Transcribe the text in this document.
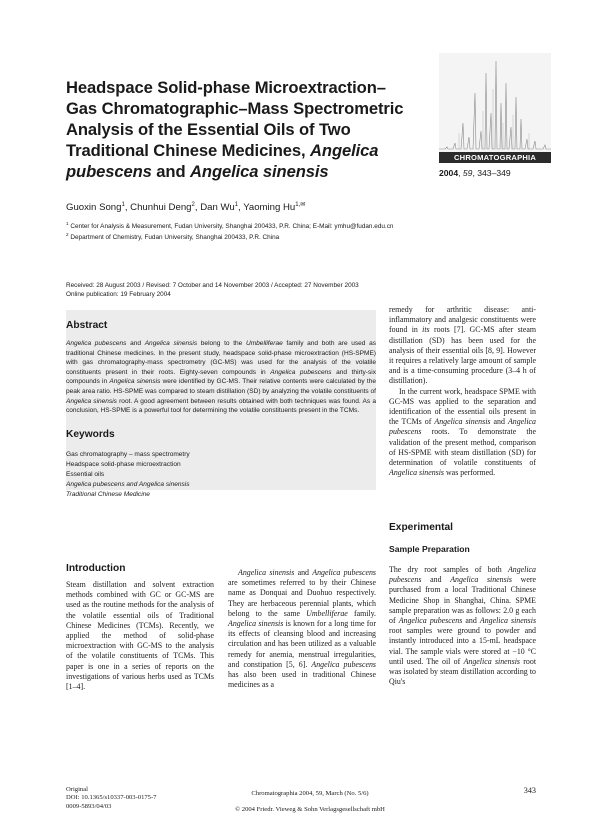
Headspace Solid-phase Microextraction–Gas Chromatographic–Mass Spectrometric Analysis of the Essential Oils of Two Traditional Chinese Medicines, Angelica pubescens and Angelica sinensis
CHROMATOGRAPHIA
2004, 59, 343–349
Guoxin Song$^1$, Chunhui Deng$^2$, Dan Wu$^1$, Yaoming $Hu^{1,✉}$
$^1$ Center for Analysis & Measurement, Fudan University, Shanghai 200433, P.R. China; E-Mail: ymhu@fudan.edu.cn
$^2$ Department of Chemistry, Fudan University, Shanghai 200433, P.R. China
Received: 28 August 2003 / Revised: 7 October and 14 November 2003 / Accepted: 27 November 2003
Online publication: 19 February 2004
Abstract
Angelica pubescens and Angelica sinensis belong to the Umbelliferae family and both are used as traditional Chinese medicines. In the present study, headspace solid-phase microextraction (HS-SPME) with gas chromatography-mass spectrometry (GC-MS) was used for the analysis of the volatile constituents present in their roots. Eighty-seven compounds in Angelica pubescens and thirty-six compounds in Angelica sinensis were identified by GC-MS. Their relative contents were calculated by the peak area ratio. HS-SPME was compared to steam distillation (SD) by analyzing the volatile constituents of Angelica sinensis root. A good agreement between results obtained with both techniques was found. As a conclusion, HS-SPME is a powerful tool for determining the volatile constituents present in the TCMs.
Keywords
Gas chromatography – mass spectrometry
Headspace solid-phase microextraction
Essential oils
Angelica pubescens and Angelica sinensis
Traditional Chinese Medicine
Introduction

Steam distillation and solvent extraction methods combined with GC or GC-MS are used as the routine methods for the analysis of the volatile essential oils of Traditional Chinese Medicines (TCMs). Recently, we applied the method of solid-phase microextraction with GC-MS to the analysis of the volatile constituents of TCMs. This paper is one in a series of reports on the investigations of various herbs used as TCMs [1–4].

Angelica sinensis and Angelica pubescens are sometimes referred to by their Chinese name as Donquai and Duohuo respectively. They are herbaceous perennial plants, which belong to the same Umbelliferae family. Angelica sinensis is known for a long time for its effects of cleansing blood and increasing circulation and has been utilized as a valuable remedy for anemia, menstrual irregularities, and constipation [5, 6]. Angelica pubescens has also been used in traditional Chinese medicines as a

remedy for arthritic disease: anti-inflammatory and analgesic constituents were found in its roots [7]. GC-MS after steam distillation (SD) has been used for the analysis of their essential oils [8, 9]. However it requires a relatively large amount of sample and is a time-consuming procedure (3–4 h of distillation).

In the current work, headspace SPME with GC-MS was applied to the separation and identification of the essential oils present in the TCMs of Angelica sinensis and Angelica pubescens roots. To demonstrate the validation of the present method, comparison of HS-SPME with steam distillation (SD) for determination of volatile constituents of Angelica sinensis was performed.

Experimental
Sample Preparation

The dry root samples of both Angelica pubescens and Angelica sinensis were purchased from a local Traditional Chinese Medicine Shop in Shanghai, China. SPME sample preparation was as follows: 2.0 g each of Angelica pubescens and Angelica sinensis root samples were ground to powder and instantly introduced into a 15-mL headspace vial. The sample vials were stored at −10 °C until used. The oil of Angelica sinensis root was isolated by steam distillation according to Qiu's

Original
DOI: 10.1365/s10337-003-0175-7
0009-5893/04/03
Chromatographia 2004, 59, March (No. 5/6)
© 2004 Friedr. Vieweg & Sohn Verlagsgesellschaft mbH
343
